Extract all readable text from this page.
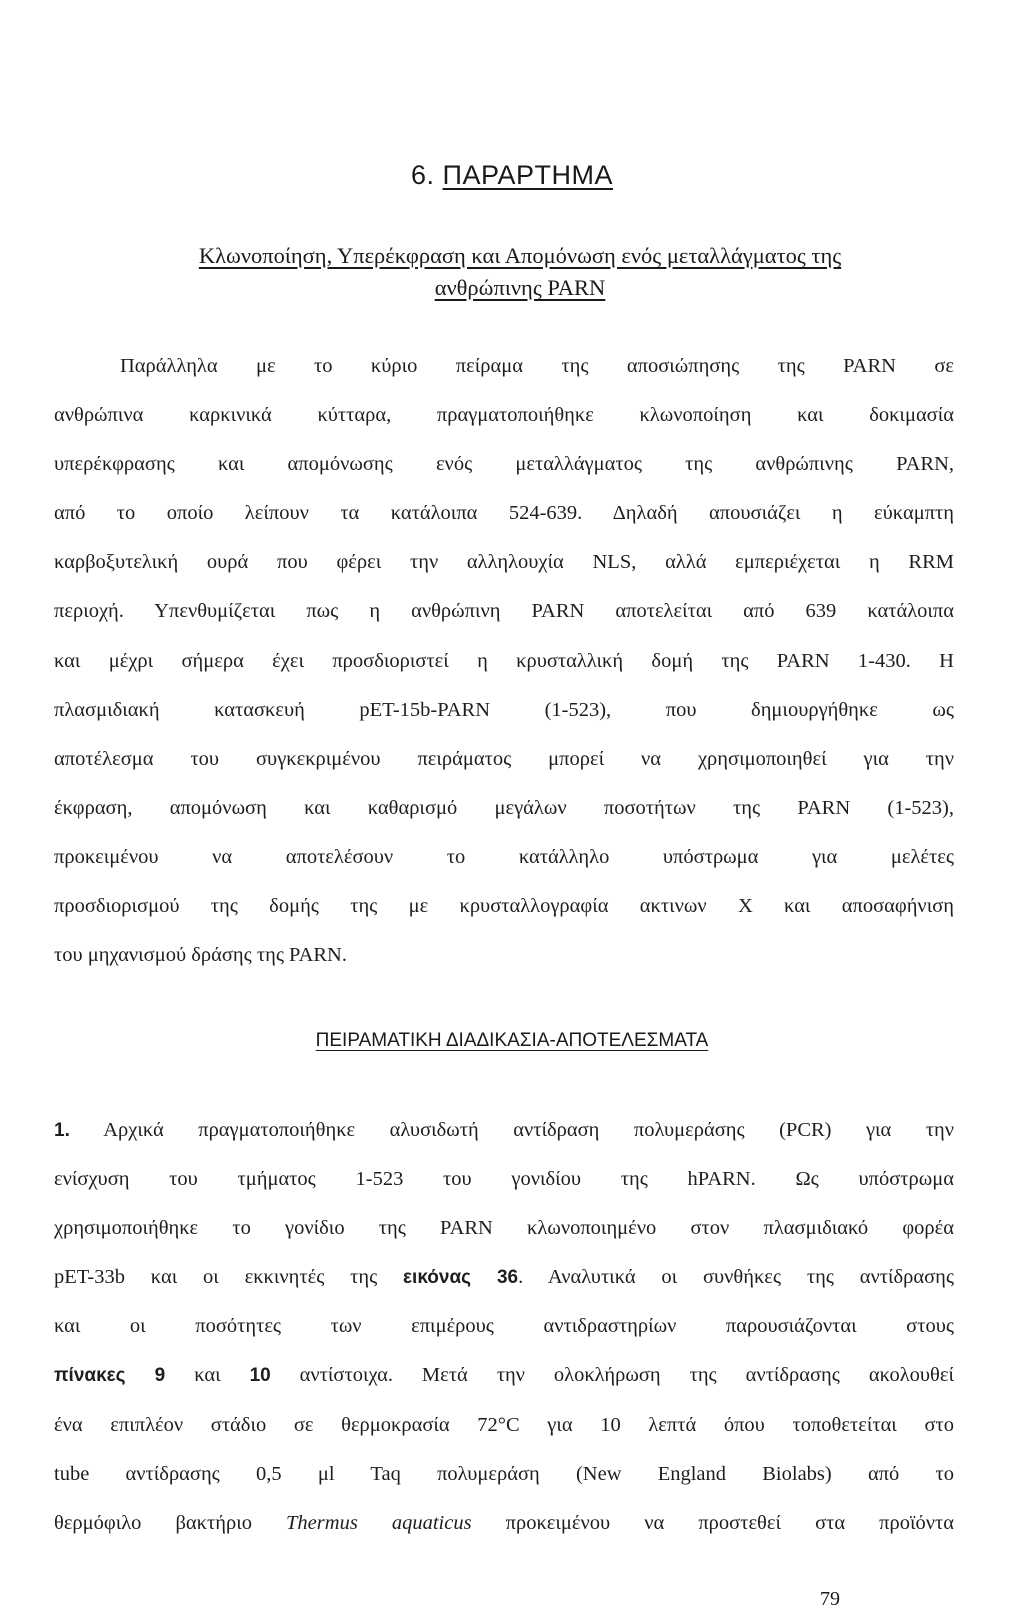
6. ΠΑΡΑΡΤΗΜΑ
Κλωνοποίηση, Υπερέκφραση και Απομόνωση ενός μεταλλάγματος της
ανθρώπινης PARN
Παράλληλα με το κύριο πείραμα της αποσιώπησης της PARN σε
ανθρώπινα καρκινικά κύτταρα, πραγματοποιήθηκε κλωνοποίηση και δοκιμασία
υπερέκφρασης και απομόνωσης ενός μεταλλάγματος της ανθρώπινης PARN,
από το οποίο λείπουν τα κατάλοιπα 524-639. Δηλαδή απουσιάζει η εύκαμπτη
καρβοξυτελική ουρά που φέρει την αλληλουχία NLS, αλλά εμπεριέχεται η RRM
περιοχή. Υπενθυμίζεται πως η ανθρώπινη PARN αποτελείται από 639 κατάλοιπα
και μέχρι σήμερα έχει προσδιοριστεί η κρυσταλλική δομή της PARN 1-430. Η
πλασμιδιακή κατασκευή pET-15b-PARN (1-523), που δημιουργήθηκε ως
αποτέλεσμα του συγκεκριμένου πειράματος μπορεί να χρησιμοποιηθεί για την
έκφραση, απομόνωση και καθαρισμό μεγάλων ποσοτήτων της PARN (1-523),
προκειμένου να αποτελέσουν το κατάλληλο υπόστρωμα για μελέτες
προσδιορισμού της δομής της με κρυσταλλογραφία ακτινων Χ και αποσαφήνιση
του μηχανισμού δράσης της PARN.
ΠΕΙΡΑΜΑΤΙΚΗ ΔΙΑΔΙΚΑΣΙΑ-ΑΠΟΤΕΛΕΣΜΑΤΑ
1. Αρχικά πραγματοποιήθηκε αλυσιδωτή αντίδραση πολυμεράσης (PCR) για την
ενίσχυση του τμήματος 1-523 του γονιδίου της hPARN. Ως υπόστρωμα
χρησιμοποιήθηκε το γονίδιο της PARN κλωνοποιημένο στον πλασμιδιακό φορέα
pET-33b και οι εκκινητές της εικόνας 36. Αναλυτικά οι συνθήκες της αντίδρασης
και οι ποσότητες των επιμέρους αντιδραστηρίων παρουσιάζονται στους
πίνακες 9 και 10 αντίστοιχα. Μετά την ολοκλήρωση της αντίδρασης ακολουθεί
ένα επιπλέον στάδιο σε θερμοκρασία 72°C για 10 λεπτά όπου τοποθετείται στο
tube αντίδρασης 0,5 μl Taq πολυμεράση (New England Biolabs) από το
θερμόφιλο βακτήριο Thermus aquaticus προκειμένου να προστεθεί στα προϊόντα
79
